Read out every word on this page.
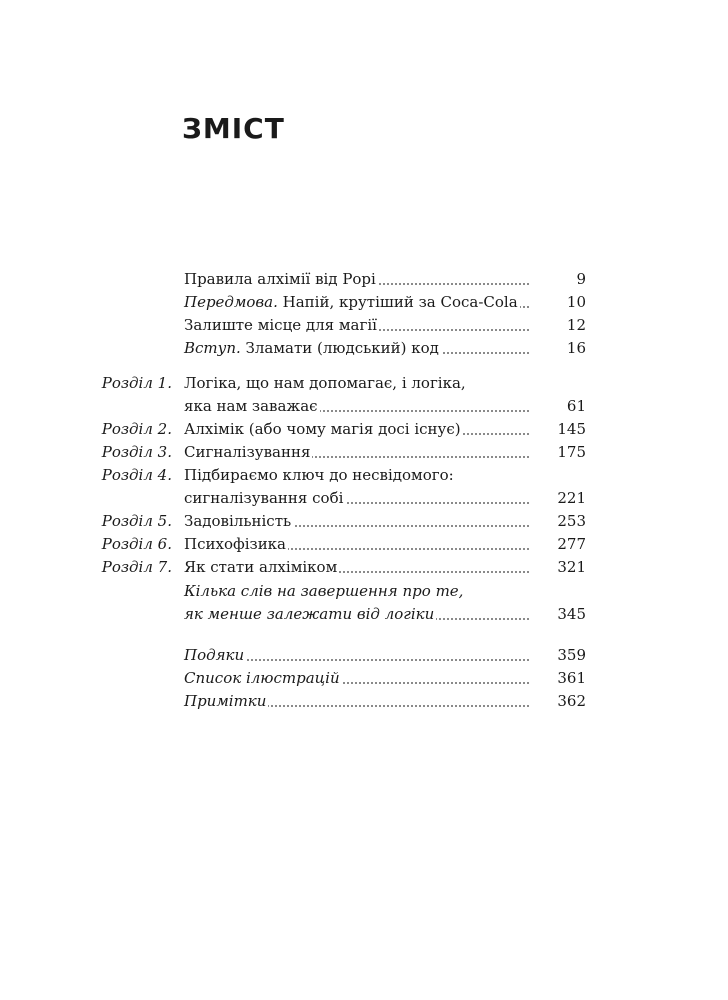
ЗМІСТ
Правила алхімії від Рорі	9
Передмова. Напій, крутіший за Coca-Cola	10
Залиште місце для магії	12
Вступ. Зламати (людський) код	16
Розділ 1. Логіка, що нам допомагає, і логіка,
яка нам заважає	61
Розділ 2. Алхімік (або чому магія досі існує)	145
Розділ 3. Сигналізування	175
Розділ 4. Підбираємо ключ до несвідомого:
сигналізування собі	221
Розділ 5. Задовільність	253
Розділ 6. Психофізика	277
Розділ 7. Як стати алхіміком	321
Кілька слів на завершення про те,
як менше залежати від логіки	345
Подяки	359
Список ілюстрацій	361
Примітки	362
